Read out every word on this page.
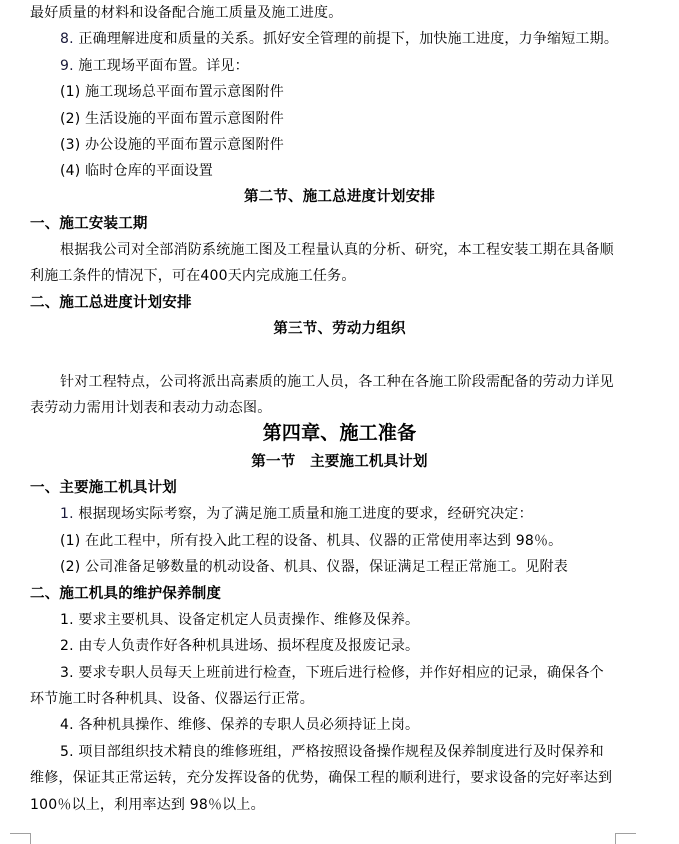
最好质量的材料和设备配合施工质量及施工进度。
8. 正确理解进度和质量的关系。抓好安全管理的前提下，加快施工进度，力争缩短工期。
9. 施工现场平面布置。详见：
(1) 施工现场总平面布置示意图附件
(2) 生活设施的平面布置示意图附件
(3) 办公设施的平面布置示意图附件
(4) 临时仓库的平面设置
第二节、施工总进度计划安排
一、施工安装工期
根据我公司对全部消防系统施工图及工程量认真的分析、研究，本工程安装工期在具备顺
利施工条件的情况下，可在400天内完成施工任务。
二、施工总进度计划安排
第三节、劳动力组织
针对工程特点，公司将派出高素质的施工人员，各工种在各施工阶段需配备的劳动力详见
表劳动力需用计划表和表动力动态图。
第四章、施工准备
第一节　主要施工机具计划
一、主要施工机具计划
1. 根据现场实际考察，为了满足施工质量和施工进度的要求，经研究决定：
(1) 在此工程中，所有投入此工程的设备、机具、仪器的正常使用率达到 98％。
(2) 公司准备足够数量的机动设备、机具、仪器，保证满足工程正常施工。见附表
二、施工机具的维护保养制度
1. 要求主要机具、设备定机定人员责操作、维修及保养。
2. 由专人负责作好各种机具进场、损坏程度及报废记录。
3. 要求专职人员每天上班前进行检查，下班后进行检修，并作好相应的记录，确保各个
环节施工时各种机具、设备、仪器运行正常。
4. 各种机具操作、维修、保养的专职人员必须持证上岗。
5. 项目部组织技术精良的维修班组，严格按照设备操作规程及保养制度进行及时保养和
维修，保证其正常运转，充分发挥设备的优势，确保工程的顺利进行，要求设备的完好率达到
100％以上，利用率达到 98％以上。
